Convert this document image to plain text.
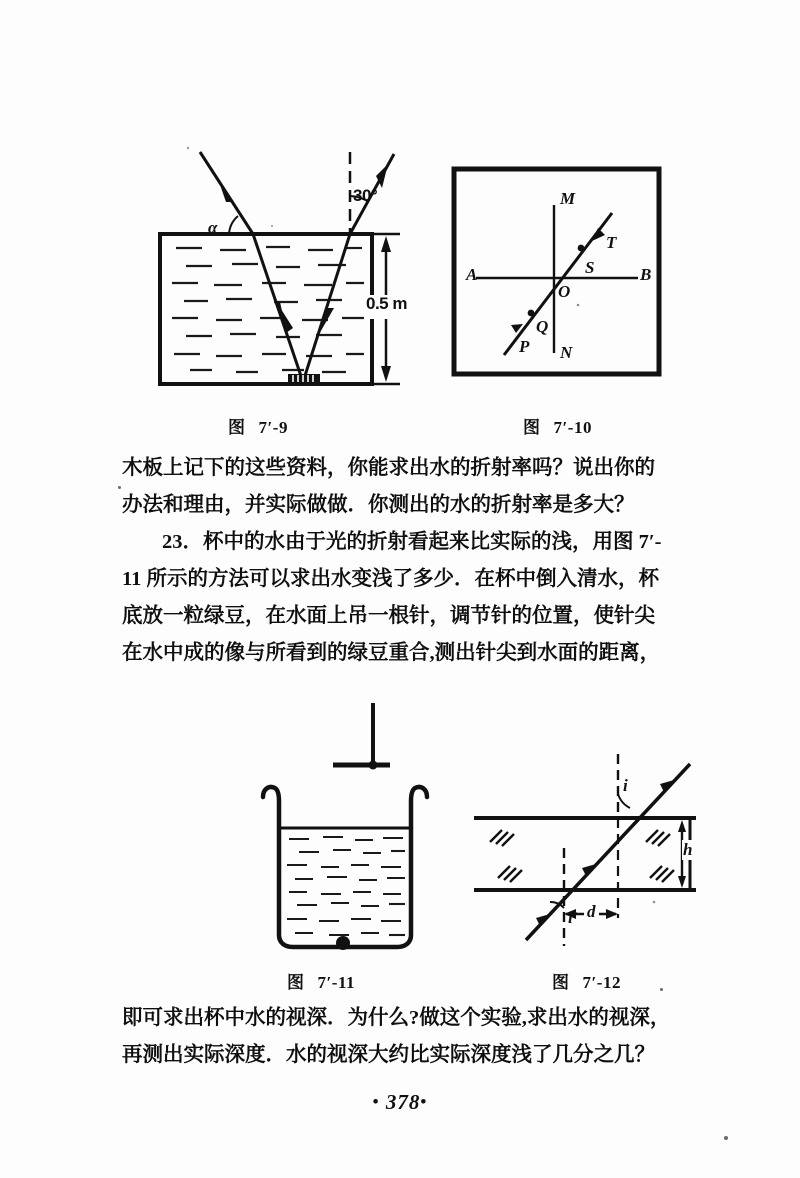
α
30°
0.5 m
A	B
M
N
O
T
S
Q
P
图 7′-9	图 7′-10

木板上记下的这些资料，你能求出水的折射率吗？说出你的

办法和理由，并实际做做．你测出的水的折射率是多大？

23．杯中的水由于光的折射看起来比实际的浅，用图 7′-

11 所示的方法可以求出水变浅了多少．在杯中倒入清水，杯

底放一粒绿豆，在水面上吊一根针，调节针的位置，使针尖

在水中成的像与所看到的绿豆重合,测出针尖到水面的距离，

i
i′ d
h
图 7′-11	图 7′-12

即可求出杯中水的视深．为什么?做这个实验,求出水的视深，

再测出实际深度．水的视深大约比实际深度浅了几分之几？

• 378•
